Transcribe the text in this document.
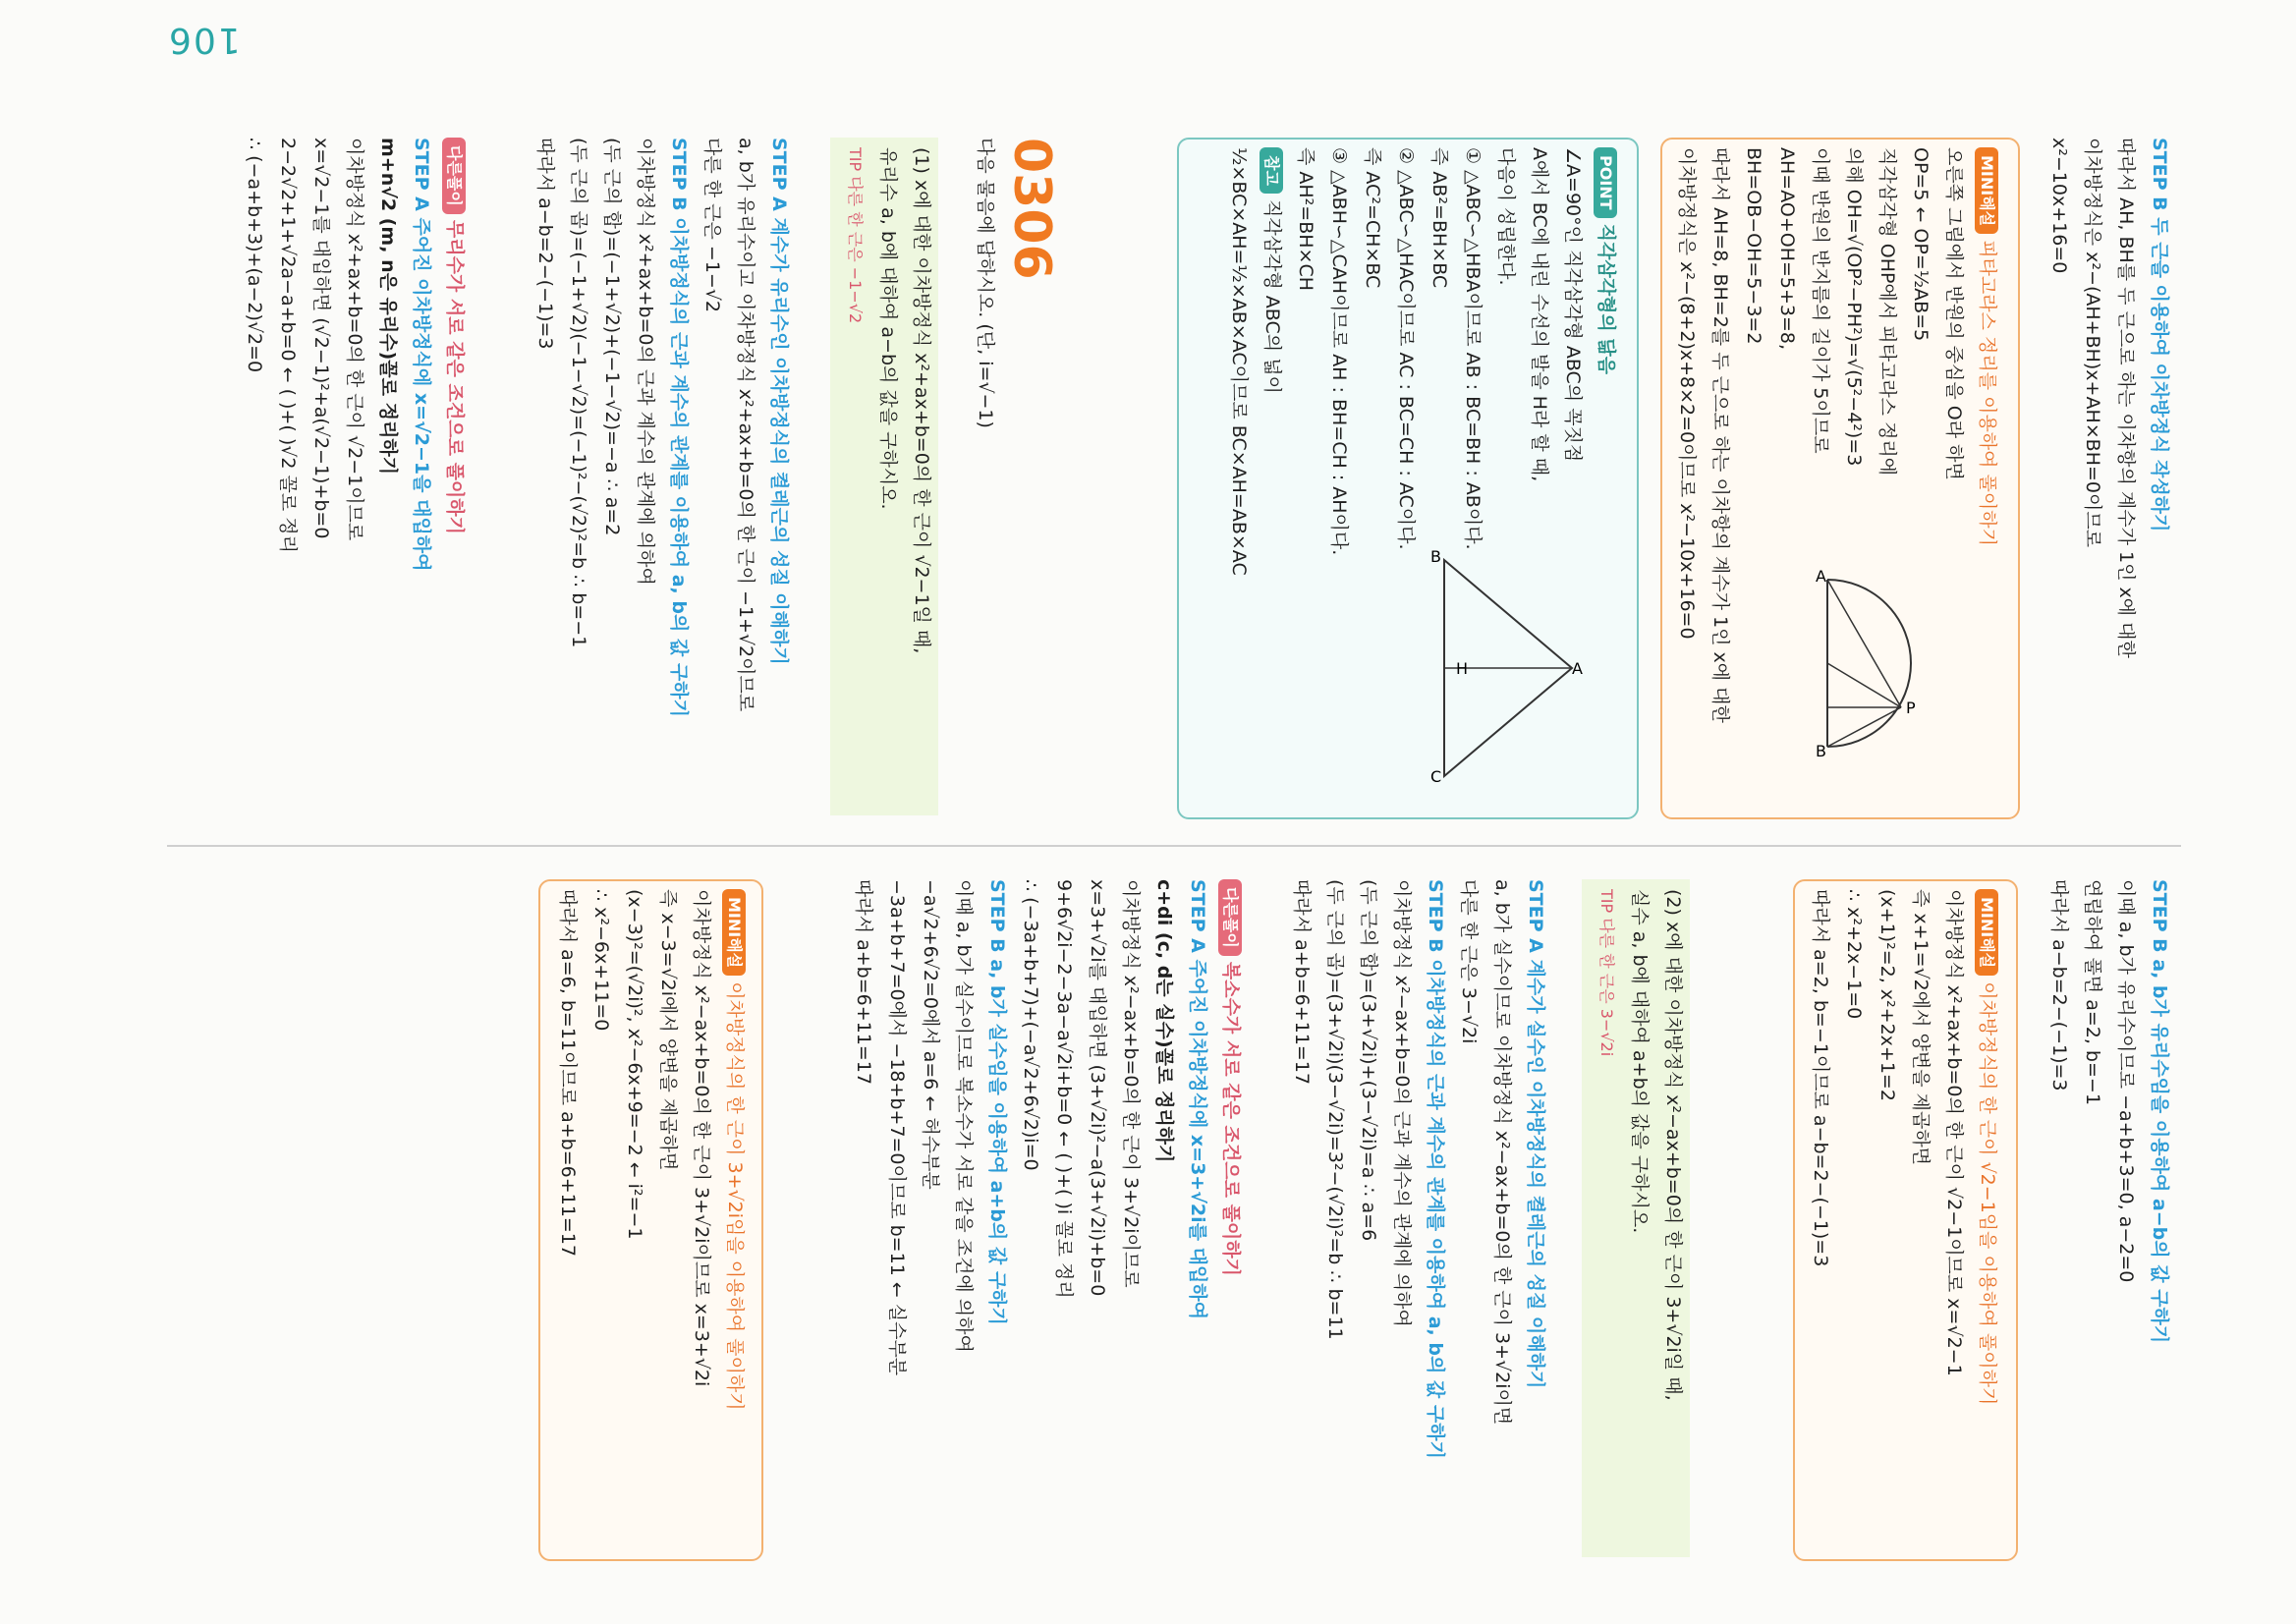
106
STEP B 두 근을 이용하여 이차방정식 작성하기
따라서 AH, BH를 두 근으로 하는 이차항의 계수가 1인 x에 대한
이차방정식은 x²−(AH+BH)x+AH×BH=0이므로
x²−10x+16=0
MINI해설 피타고라스 정리를 이용하여 풀이하기
오른쪽 그림에서 반원의 중심을 O라 하면
OP=5 ← OP=½AB=5
직각삼각형 OHP에서 피타고라스 정리에
의해 OH=√(OP²−PH²)=√(5²−4²)=3
이때 반원의 반지름의 길이가 5이므로
AH=AO+OH=5+3=8,
BH=OB−OH=5−3=2
따라서 AH=8, BH=2를 두 근으로 하는 이차항의 계수가 1인 x에 대한
이차방정식은 x²−(8+2)x+8×2=0이므로 x²−10x+16=0	A
B
P
POINT 직각삼각형의 닮음
∠A=90°인 직각삼각형 ABC의 꼭짓점
A에서 BC에 내린 수선의 발을 H라 할 때,
다음이 성립한다.
① △ABC∽△HBA이므로 AB : BC=BH : AB이다.
즉 AB²=BH×BC
② △ABC∽△HAC이므로 AC : BC=CH : AC이다.
즉 AC²=CH×BC
③ △ABH∽△CAH이므로 AH : BH=CH : AH이다.
즉 AH²=BH×CH
참고 직각삼각형 ABC의 넓이
½×BC×AH=½×AB×AC이므로 BC×AH=AB×AC	B
C
A
H
0306
다음 물음에 답하시오. (단, i=√−1)
(1) x에 대한 이차방정식 x²+ax+b=0의 한 근이 √2−1일 때,
유리수 a, b에 대하여 a−b의 값을 구하시오.
TIP 다른 한 근은 −1−√2
STEP A 계수가 유리수인 이차방정식의 켤레근의 성질 이해하기
a, b가 유리수이고 이차방정식 x²+ax+b=0의 한 근이 −1+√2이므로
다른 한 근은 −1−√2
STEP B 이차방정식의 근과 계수의 관계를 이용하여 a, b의 값 구하기
이차방정식 x²+ax+b=0의 근과 계수의 관계에 의하여
(두 근의 합)=(−1+√2)+(−1−√2)=−a ∴ a=2
(두 근의 곱)=(−1+√2)(−1−√2)=(−1)²−(√2)²=b ∴ b=−1
따라서 a−b=2−(−1)=3
다른풀이 무리수가 서로 같은 조건으로 풀이하기
STEP A 주어진 이차방정식에 x=√2−1을 대입하여
m+n√2 (m, n은 유리수)꼴로 정리하기
이차방정식 x²+ax+b=0의 한 근이 √2−1이므로
x=√2−1를 대입하면 (√2−1)²+a(√2−1)+b=0
2−2√2+1+√2a−a+b=0 ← ( )+( )√2 꼴로 정리
∴ (−a+b+3)+(a−2)√2=0
STEP B a, b가 유리수임을 이용하여 a−b의 값 구하기
이때 a, b가 유리수이므로 −a+b+3=0, a−2=0
연립하여 풀면 a=2, b=−1
따라서 a−b=2−(−1)=3
MINI해설 이차방정식의 한 근이 √2−1임을 이용하여 풀이하기
이차방정식 x²+ax+b=0의 한 근이 √2−1이므로 x=√2−1
즉 x+1=√2에서 양변을 제곱하면
(x+1)²=2, x²+2x+1=2
∴ x²+2x−1=0
따라서 a=2, b=−1이므로 a−b=2−(−1)=3
(2) x에 대한 이차방정식 x²−ax+b=0의 한 근이 3+√2i일 때,
실수 a, b에 대하여 a+b의 값을 구하시오.
TIP 다른 한 근은 3−√2i
STEP A 계수가 실수인 이차방정식의 켤레근의 성질 이해하기
a, b가 실수이므로 이차방정식 x²−ax+b=0의 한 근이 3+√2i이면
다른 한 근은 3−√2i
STEP B 이차방정식의 근과 계수의 관계를 이용하여 a, b의 값 구하기
이차방정식 x²−ax+b=0의 근과 계수의 관계에 의하여
(두 근의 합)=(3+√2i)+(3−√2i)=a ∴ a=6
(두 근의 곱)=(3+√2i)(3−√2i)=3²−(√2i)²=b ∴ b=11
따라서 a+b=6+11=17
다른풀이 복소수가 서로 같은 조건으로 풀이하기
STEP A 주어진 이차방정식에 x=3+√2i를 대입하여
c+di (c, d는 실수)꼴로 정리하기
이차방정식 x²−ax+b=0의 한 근이 3+√2i이므로
x=3+√2i를 대입하면 (3+√2i)²−a(3+√2i)+b=0
9+6√2i−2−3a−a√2i+b=0 ← ( )+( )i 꼴로 정리
∴ (−3a+b+7)+(−a√2+6√2)i=0
STEP B a, b가 실수임을 이용하여 a+b의 값 구하기
이때 a, b가 실수이므로 복소수가 서로 같을 조건에 의하여
−a√2+6√2=0에서 a=6 ← 허수부분
−3a+b+7=0에서 −18+b+7=0이므로 b=11 ← 실수부분
따라서 a+b=6+11=17
MINI해설 이차방정식의 한 근이 3+√2i임을 이용하여 풀이하기
이차방정식 x²−ax+b=0의 한 근이 3+√2i이므로 x=3+√2i
즉 x−3=√2i에서 양변을 제곱하면
(x−3)²=(√2i)², x²−6x+9=−2 ← i²=−1
∴ x²−6x+11=0
따라서 a=6, b=11이므로 a+b=6+11=17
